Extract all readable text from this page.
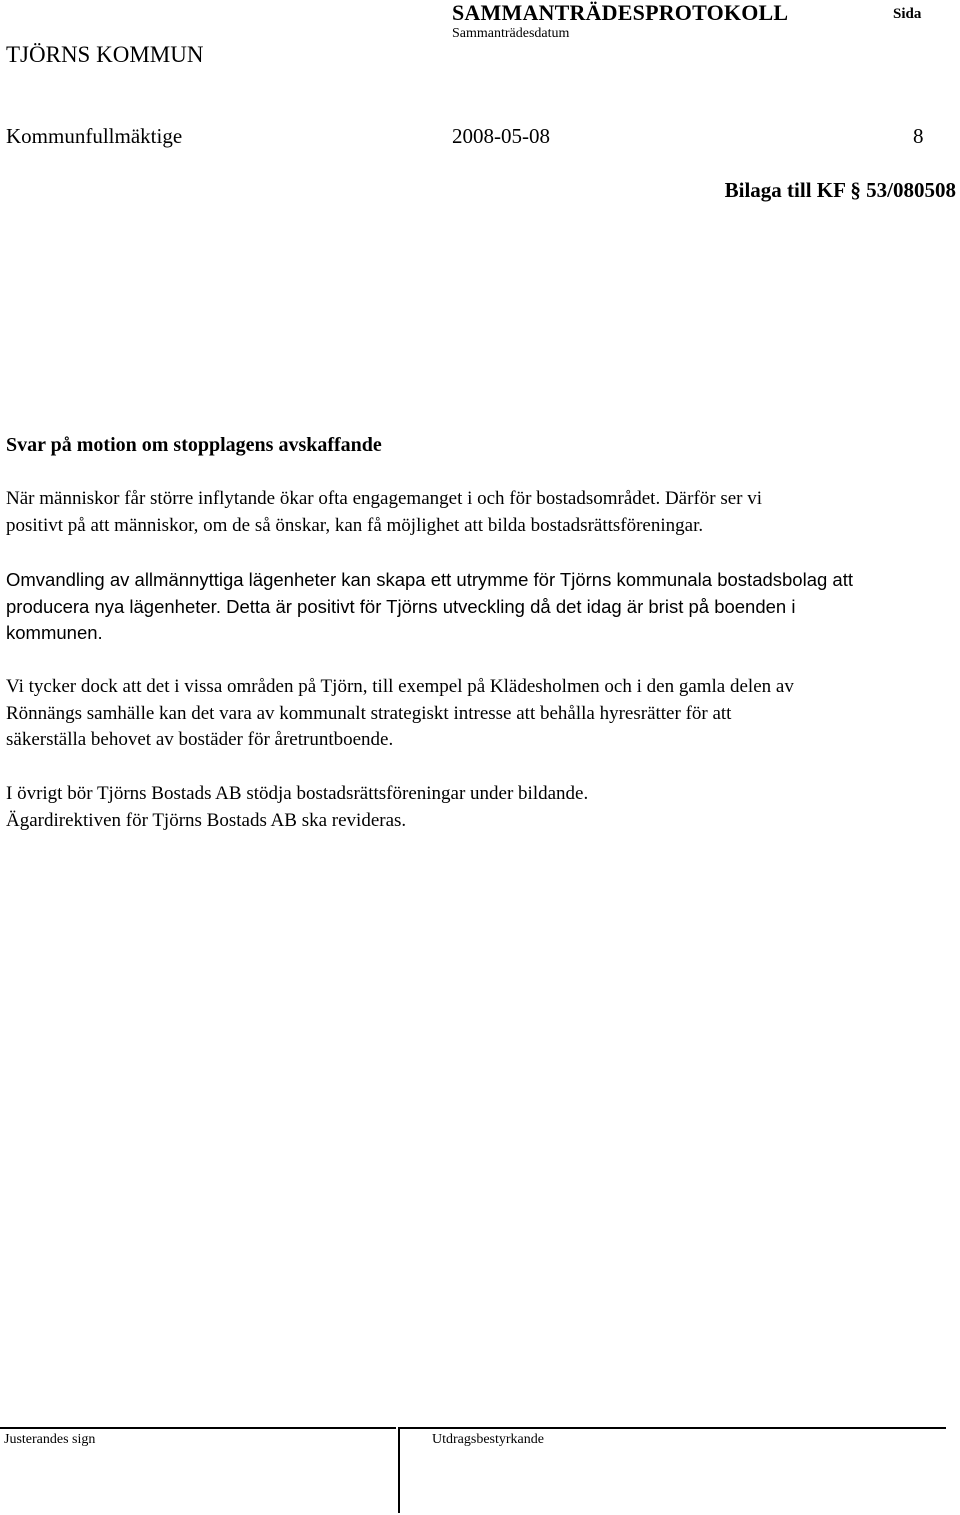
TJÖRNS KOMMUN
SAMMANTRÄDESPROTOKOLL
Sammanträdesdatum
Sida
Kommunfullmäktige	2008-05-08	8
Bilaga till KF § 53/080508
Svar på motion om stopplagens avskaffande

När människor får större inflytande ökar ofta engagemanget i och för bostadsområdet. Därför ser vi
positivt på att människor, om de så önskar, kan få möjlighet att bilda bostadsrättsföreningar.

Omvandling av allmännyttiga lägenheter kan skapa ett utrymme för Tjörns kommunala bostadsbolag att
producera nya lägenheter. Detta är positivt för Tjörns utveckling då det idag är brist på boenden i
kommunen.

Vi tycker dock att det i vissa områden på Tjörn, till exempel på Klädesholmen och i den gamla delen av
Rönnängs samhälle kan det vara av kommunalt strategiskt intresse att behålla hyresrätter för att
säkerställa behovet av bostäder för åretruntboende.

I övrigt bör Tjörns Bostads AB stödja bostadsrättsföreningar under bildande.
Ägardirektiven för Tjörns Bostads AB ska revideras.

Justerandes sign	Utdragsbestyrkande
